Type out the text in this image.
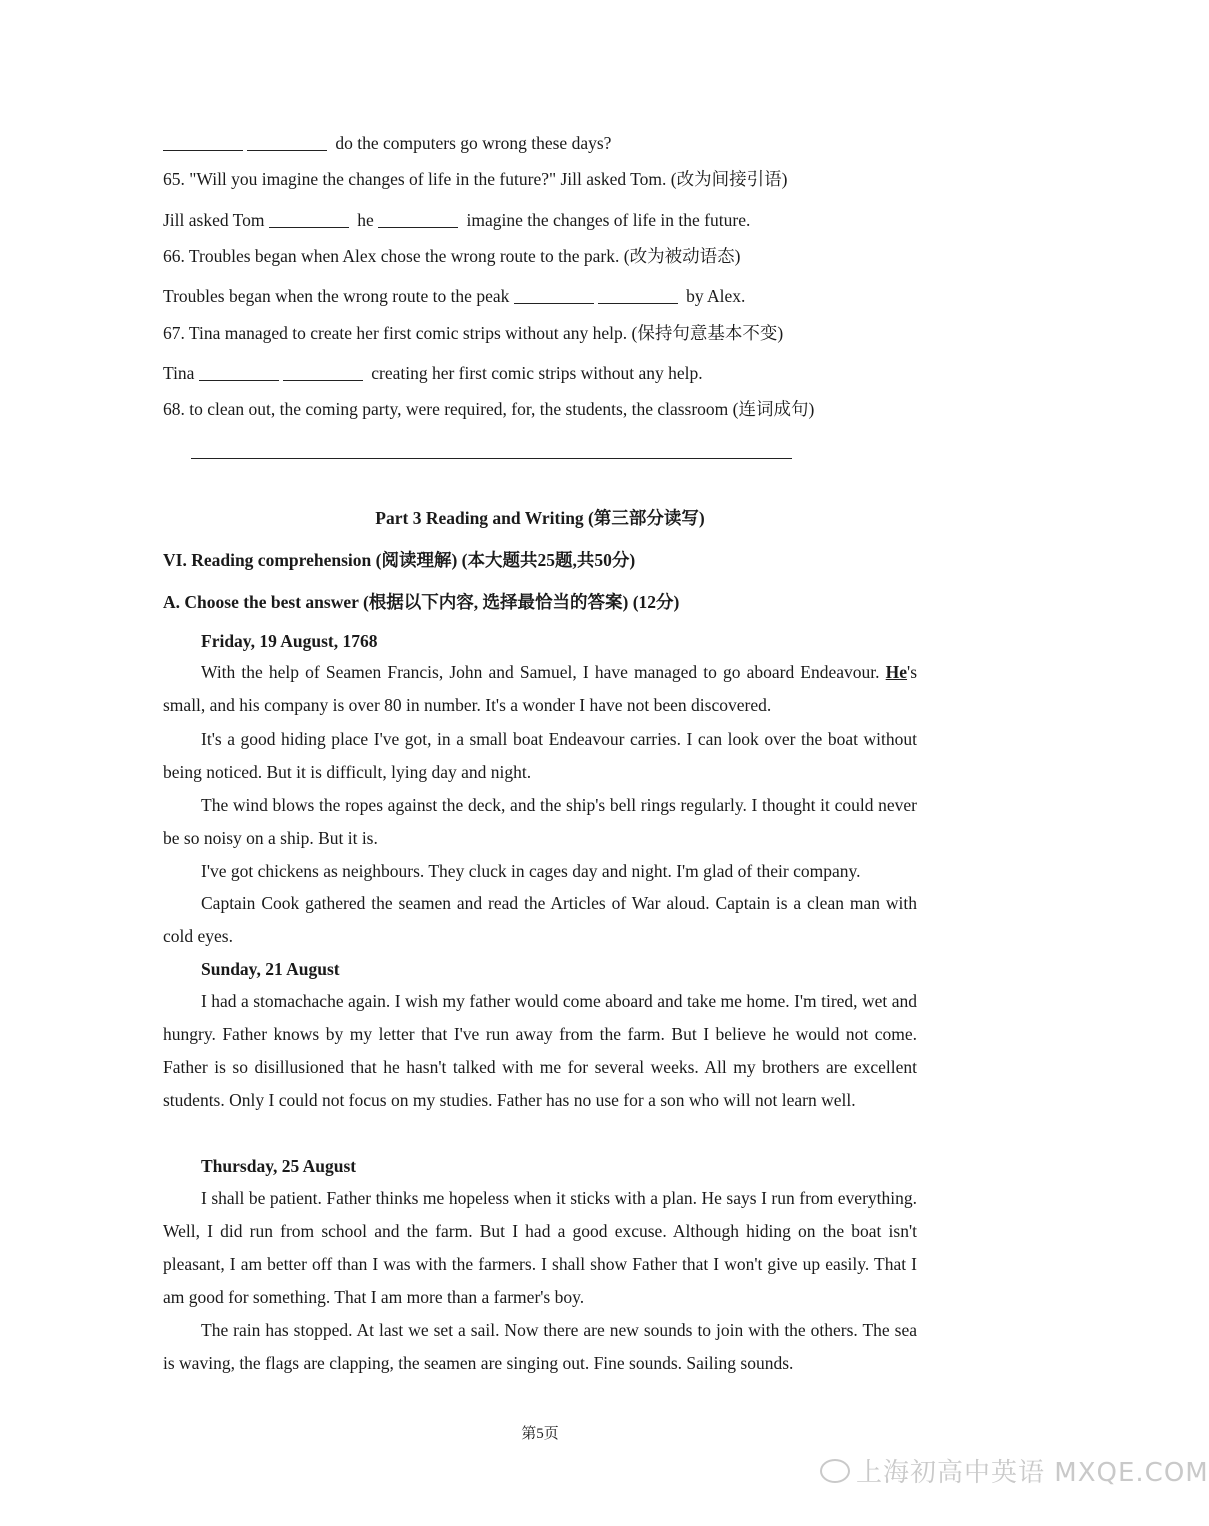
do the computers go wrong these days?
65. "Will you imagine the changes of life in the future?" Jill asked Tom. (改为间接引语)
Jill asked Tom	he	imagine the changes of life in the future.
66. Troubles began when Alex chose the wrong route to the park. (改为被动语态)
Troubles began when the wrong route to the peak	by Alex.
67. Tina managed to create her first comic strips without any help. (保持句意基本不变)
Tina	creating her first comic strips without any help.
68. to clean out, the coming party, were required, for, the students, the classroom (连词成句)
Part 3 Reading and Writing (第三部分读写)
VI. Reading comprehension (阅读理解) (本大题共25题,共50分)
A. Choose the best answer (根据以下内容, 选择最恰当的答案) (12分)
Friday, 19 August, 1768
With the help of Seamen Francis, John and Samuel, I have managed to go aboard Endeavour. He's small, and his company is over 80 in number. It's a wonder I have not been discovered.
It's a good hiding place I've got, in a small boat Endeavour carries. I can look over the boat without being noticed. But it is difficult, lying day and night.
The wind blows the ropes against the deck, and the ship's bell rings regularly. I thought it could never be so noisy on a ship. But it is.
I've got chickens as neighbours. They cluck in cages day and night. I'm glad of their company.
Captain Cook gathered the seamen and read the Articles of War aloud. Captain is a clean man with cold eyes.
Sunday, 21 August
I had a stomachache again. I wish my father would come aboard and take me home. I'm tired, wet and hungry. Father knows by my letter that I've run away from the farm. But I believe he would not come. Father is so disillusioned that he hasn't talked with me for several weeks. All my brothers are excellent students. Only I could not focus on my studies. Father has no use for a son who will not learn well.
Thursday, 25 August
I shall be patient. Father thinks me hopeless when it sticks with a plan. He says I run from everything. Well, I did run from school and the farm. But I had a good excuse. Although hiding on the boat isn't pleasant, I am better off than I was with the farmers. I shall show Father that I won't give up easily. That I am good for something. That I am more than a farmer's boy.
The rain has stopped. At last we set a sail. Now there are new sounds to join with the others. The sea is waving, the flags are clapping, the seamen are singing out. Fine sounds. Sailing sounds.
第5页
上海初高中英语 MXQE.COM
